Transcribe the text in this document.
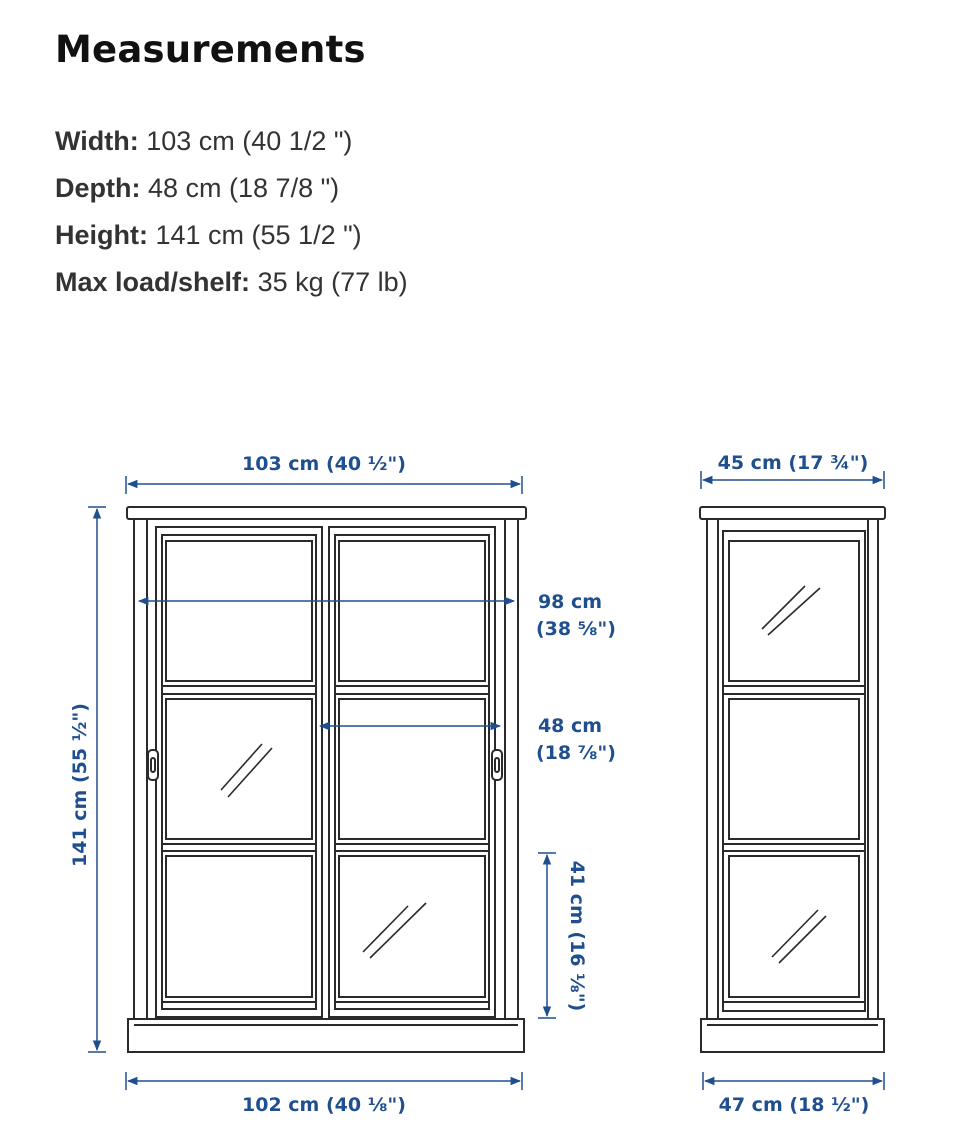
Measurements
Width: 103 cm (40 1/2 ")
Depth: 48 cm (18 7/8 ")
Height: 141 cm (55 1/2 ")
Max load/shelf: 35 kg (77 lb)
103 cm (40 ½")
141 cm (55 ½")
98 cm
(38 ⅝")
48 cm
(18 ⅞")
41 cm (16 ⅛")
102 cm (40 ⅛")
45 cm (17 ¾")
47 cm (18 ½")
